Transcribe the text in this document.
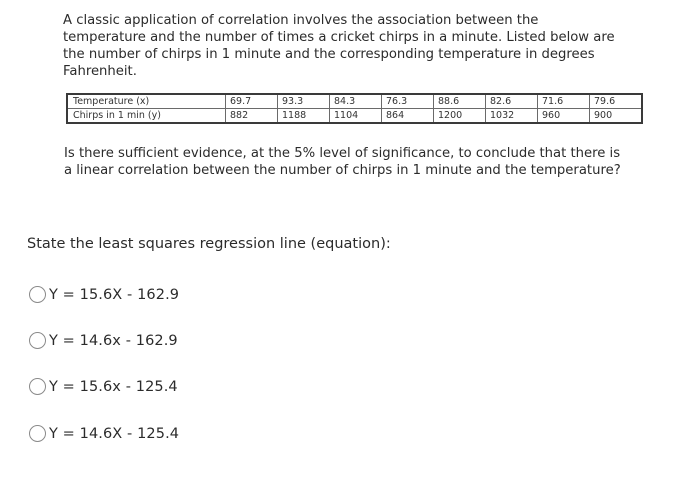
A classic application of correlation involves the association between the temperature and the number of times a cricket chirps in a minute. Listed below are the number of chirps in 1 minute and the corresponding temperature in degrees Fahrenheit.
Temperature (x)	69.7	93.3	84.3	76.3	88.6	82.6	71.6	79.6
Chirps in 1 min (y)	882	1188	1104	864	1200	1032	960	900
Is there sufficient evidence, at the 5% level of significance, to conclude that there is a linear correlation between the number of chirps in 1 minute and the temperature?
State the least squares regression line (equation):
Y = 15.6X - 162.9
Y = 14.6x - 162.9
Y = 15.6x - 125.4
Y = 14.6X - 125.4
